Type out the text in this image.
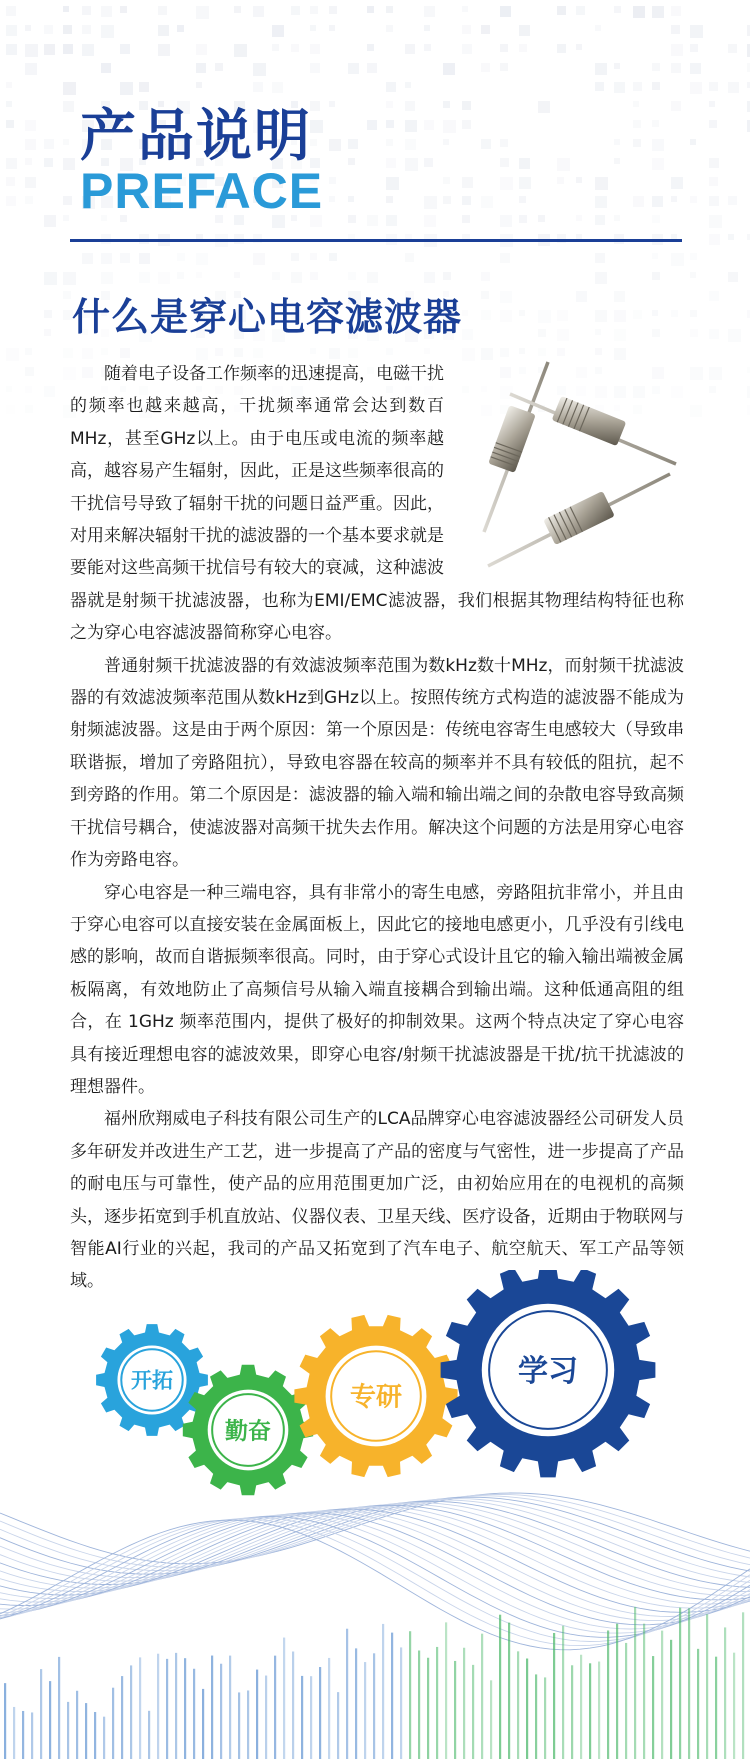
产品说明
PREFACE
什么是穿心电容滤波器

随着电子设备工作频率的迅速提高，电磁干扰的频率也越来越高，干扰频率通常会达到数百MHz，甚至GHz以上。由于电压或电流的频率越高，越容易产生辐射，因此，正是这些频率很高的干扰信号导致了辐射干扰的问题日益严重。因此，对用来解决辐射干扰的滤波器的一个基本要求就是要能对这些高频干扰信号有较大的衰减，这种滤波器就是射频干扰滤波器，也称为EMI/EMC滤波器，我们根据其物理结构特征也称之为穿心电容滤波器简称穿心电容。

普通射频干扰滤波器的有效滤波频率范围为数kHz数十MHz，而射频干扰滤波器的有效滤波频率范围从数kHz到GHz以上。按照传统方式构造的滤波器不能成为射频滤波器。这是由于两个原因：第一个原因是：传统电容寄生电感较大（导致串联谐振，增加了旁路阻抗），导致电容器在较高的频率并不具有较低的阻抗，起不到旁路的作用。第二个原因是：滤波器的输入端和输出端之间的杂散电容导致高频干扰信号耦合，使滤波器对高频干扰失去作用。解决这个问题的方法是用穿心电容作为旁路电容。

穿心电容是一种三端电容，具有非常小的寄生电感，旁路阻抗非常小，并且由于穿心电容可以直接安装在金属面板上，因此它的接地电感更小，几乎没有引线电感的影响，故而自谐振频率很高。同时，由于穿心式设计且它的输入输出端被金属板隔离，有效地防止了高频信号从输入端直接耦合到输出端。这种低通高阻的组合，在 1GHz 频率范围内，提供了极好的抑制效果。这两个特点决定了穿心电容具有接近理想电容的滤波效果，即穿心电容/射频干扰滤波器是干扰/抗干扰滤波的理想器件。

福州欣翔威电子科技有限公司生产的LCA品牌穿心电容滤波器经公司研发人员多年研发并改进生产工艺，进一步提高了产品的密度与气密性，进一步提高了产品的耐电压与可靠性，使产品的应用范围更加广泛，由初始应用在的电视机的高频头，逐步拓宽到手机直放站、仪器仪表、卫星天线、医疗设备，近期由于物联网与智能AI行业的兴起，我司的产品又拓宽到了汽车电子、航空航天、军工产品等领域。

开拓
勤奋
专研
学习
